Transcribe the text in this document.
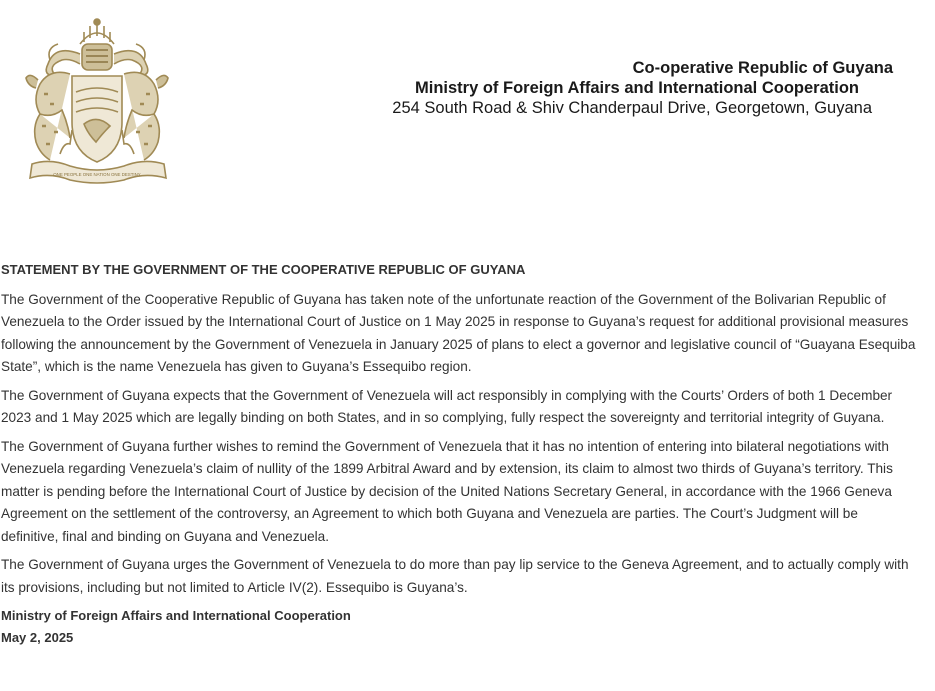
ONE PEOPLE ONE NATION ONE DESTINY
Co-operative Republic of Guyana
Ministry of Foreign Affairs and International Cooperation
254 South Road & Shiv Chanderpaul Drive, Georgetown, Guyana
STATEMENT BY THE GOVERNMENT OF THE COOPERATIVE REPUBLIC OF GUYANA

The Government of the Cooperative Republic of Guyana has taken note of the unfortunate reaction of the Government of the Bolivarian Republic of Venezuela to the Order issued by the International Court of Justice on 1 May 2025 in response to Guyana’s request for additional provisional measures following the announcement by the Government of Venezuela in January 2025 of plans to elect a governor and legislative council of “Guayana Esequiba State”, which is the name Venezuela has given to Guyana’s Essequibo region.

The Government of Guyana expects that the Government of Venezuela will act responsibly in complying with the Courts’ Orders of both 1 December 2023 and 1 May 2025 which are legally binding on both States, and in so complying, fully respect the sovereignty and territorial integrity of Guyana.

The Government of Guyana further wishes to remind the Government of Venezuela that it has no intention of entering into bilateral negotiations with Venezuela regarding Venezuela’s claim of nullity of the 1899 Arbitral Award and by extension, its claim to almost two thirds of Guyana’s territory. This matter is pending before the International Court of Justice by decision of the United Nations Secretary General, in accordance with the 1966 Geneva Agreement on the settlement of the controversy, an Agreement to which both Guyana and Venezuela are parties. The Court’s Judgment will be definitive, final and binding on Guyana and Venezuela.

The Government of Guyana urges the Government of Venezuela to do more than pay lip service to the Geneva Agreement, and to actually comply with its provisions, including but not limited to Article IV(2). Essequibo is Guyana’s.

Ministry of Foreign Affairs and International Cooperation
May 2, 2025
